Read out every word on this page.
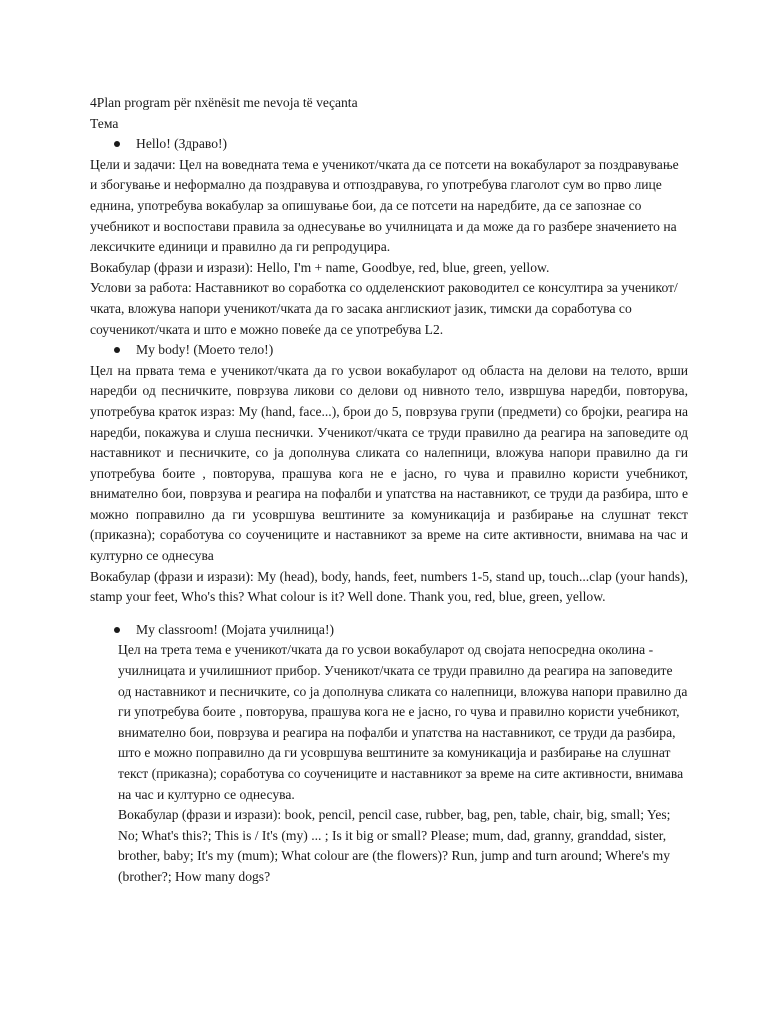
4Plan program për nxënësit me nevoja të veçanta
Тема
Hello! (Здраво!)

Цели и задачи: Цел на воведната тема е ученикот/чката да се потсети на вокабуларот за поздравување и збогување и неформално да поздравува и отпоздравува, го употребува глаголот сум во прво лице еднина, употребува вокабулар за опишување бои, да се потсети на наредбите, да се запознае со учебникот и воспостави правила за однесување во училницата и да може да го разбере значението на лексичките единици и правилно да ги репродуцира.

Вокабулар (фрази и изрази): Hello, I'm + name, Goodbye, red, blue, green, yellow.

Услови за работа: Наставникот во соработка со одделенскиот раководител се консултира за ученикот/чката, вложува напори ученикот/чката да го засака англискиот јазик, тимски да соработува со соученикот/чката и што е можно повеќе да се употребува L2.

My body! (Моето тело!)

Цел на првата тема е ученикот/чката да го усвои вокабуларот од областа на делови на телото, врши наредби од песничките, поврзува ликови со делови од нивното тело, извршува наредби, повторува, употребува краток израз: My (hand, face...), брои до 5, поврзува групи (предмети) со бројки, реагира на наредби, покажува и слуша песнички. Ученикот/чката се труди правилно да реагира на заповедите од наставникот и песничките, со ја дополнува сликата со налепници, вложува напори правилно да ги употребува боите , повторува, прашува кога не е јасно, го чува и правилно користи учебникот, внимателно бои, поврзува и реагира на пофалби и упатства на наставникот, се труди да разбира, што е можно поправилно да ги усовршува вештините за комуникација и разбирање на слушнат текст (приказна); соработува со соучениците и наставникот за време на сите активности, внимава на час и културно се однесува

Вокабулар (фрази и изрази): My (head), body, hands, feet, numbers 1-5, stand up, touch...clap (your hands), stamp your feet, Who's this? What colour is it? Well done. Thank you, red, blue, green, yellow.

My classroom! (Мојата училница!)

Цел на трета тема е ученикот/чката да го усвои вокабуларот од својата непосредна околина - училницата и училишниот прибор. Ученикот/чката се труди правилно да реагира на заповедите од наставникот и песничките, со ја дополнува сликата со налепници, вложува напори правилно да ги употребува боите , повторува, прашува кога не е јасно, го чува и правилно користи учебникот, внимателно бои, поврзува и реагира на пофалби и упатства на наставникот, се труди да разбира, што е можно поправилно да ги усовршува вештините за комуникација и разбирање на слушнат текст (приказна); соработува со соучениците и наставникот за време на сите активности, внимава на час и културно се однесува.

Вокабулар (фрази и изрази): book, pencil, pencil case, rubber, bag, pen, table, chair, big, small; Yes; No; What's this?; This is / It's (my) ... ; Is it big or small? Please; mum, dad, granny, granddad, sister, brother, baby; It's my (mum); What colour are (the flowers)? Run, jump and turn around; Where's my (brother?; How many dogs?
